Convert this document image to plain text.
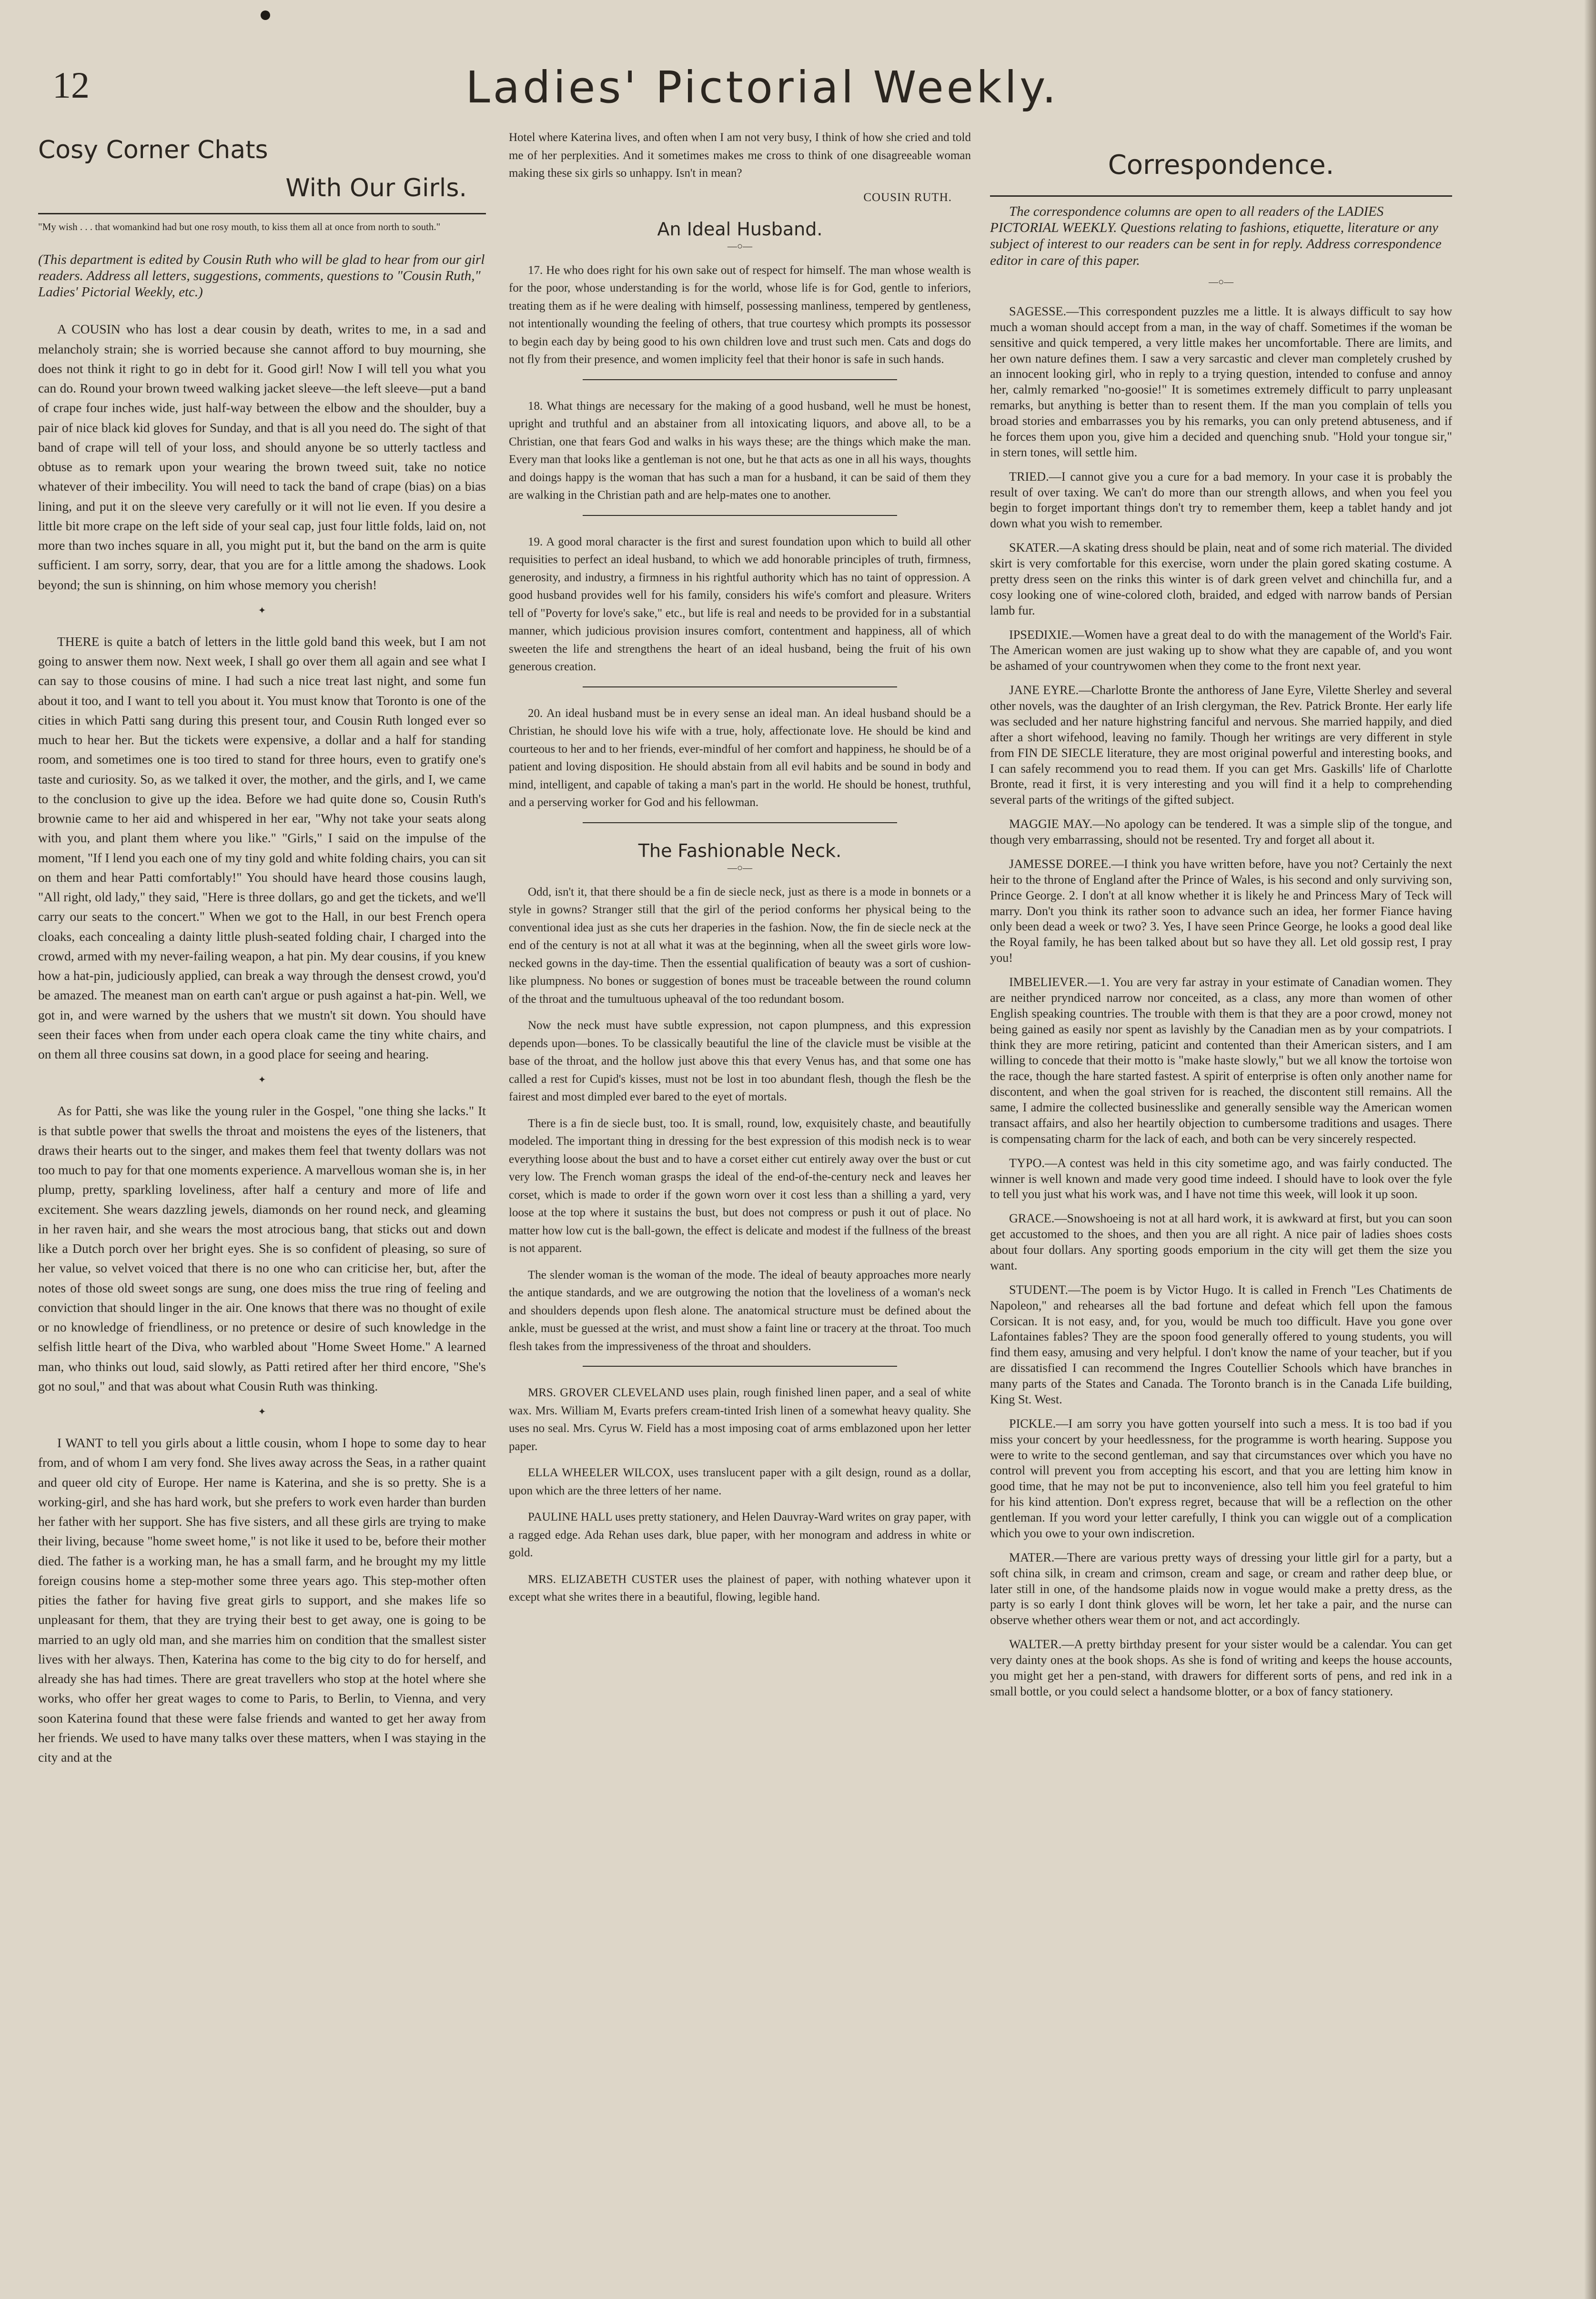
12	Ladies' Pictorial Weekly.
Cosy Corner Chats
With Our Girls.
"My wish . . . that womankind had but one rosy mouth, to kiss them all at once from north to south."
(This department is edited by Cousin Ruth who will be glad to hear from our girl readers. Address all letters, suggestions, comments, questions to "Cousin Ruth," Ladies' Pictorial Weekly, etc.)

A COUSIN who has lost a dear cousin by death, writes to me, in a sad and melancholy strain; she is worried because she cannot afford to buy mourning, she does not think it right to go in debt for it. Good girl! Now I will tell you what you can do. Round your brown tweed walking jacket sleeve—the left sleeve—put a band of crape four inches wide, just half-way between the elbow and the shoulder, buy a pair of nice black kid gloves for Sunday, and that is all you need do. The sight of that band of crape will tell of your loss, and should anyone be so utterly tactless and obtuse as to remark upon your wearing the brown tweed suit, take no notice whatever of their imbecility. You will need to tack the band of crape (bias) on a bias lining, and put it on the sleeve very carefully or it will not lie even. If you desire a little bit more crape on the left side of your seal cap, just four little folds, laid on, not more than two inches square in all, you might put it, but the band on the arm is quite sufficient. I am sorry, sorry, dear, that you are for a little among the shadows. Look beyond; the sun is shinning, on him whose memory you cherish!

✦

THERE is quite a batch of letters in the little gold band this week, but I am not going to answer them now. Next week, I shall go over them all again and see what I can say to those cousins of mine. I had such a nice treat last night, and some fun about it too, and I want to tell you about it. You must know that Toronto is one of the cities in which Patti sang during this present tour, and Cousin Ruth longed ever so much to hear her. But the tickets were expensive, a dollar and a half for standing room, and sometimes one is too tired to stand for three hours, even to gratify one's taste and curiosity. So, as we talked it over, the mother, and the girls, and I, we came to the conclusion to give up the idea. Before we had quite done so, Cousin Ruth's brownie came to her aid and whispered in her ear, "Why not take your seats along with you, and plant them where you like." "Girls," I said on the impulse of the moment, "If I lend you each one of my tiny gold and white folding chairs, you can sit on them and hear Patti comfortably!" You should have heard those cousins laugh, "All right, old lady," they said, "Here is three dollars, go and get the tickets, and we'll carry our seats to the concert." When we got to the Hall, in our best French opera cloaks, each concealing a dainty little plush-seated folding chair, I charged into the crowd, armed with my never-failing weapon, a hat pin. My dear cousins, if you knew how a hat-pin, judiciously applied, can break a way through the densest crowd, you'd be amazed. The meanest man on earth can't argue or push against a hat-pin. Well, we got in, and were warned by the ushers that we mustn't sit down. You should have seen their faces when from under each opera cloak came the tiny white chairs, and on them all three cousins sat down, in a good place for seeing and hearing.

✦

As for Patti, she was like the young ruler in the Gospel, "one thing she lacks." It is that subtle power that swells the throat and moistens the eyes of the listeners, that draws their hearts out to the singer, and makes them feel that twenty dollars was not too much to pay for that one moments experience. A marvellous woman she is, in her plump, pretty, sparkling loveliness, after half a century and more of life and excitement. She wears dazzling jewels, diamonds on her round neck, and gleaming in her raven hair, and she wears the most atrocious bang, that sticks out and down like a Dutch porch over her bright eyes. She is so confident of pleasing, so sure of her value, so velvet voiced that there is no one who can criticise her, but, after the notes of those old sweet songs are sung, one does miss the true ring of feeling and conviction that should linger in the air. One knows that there was no thought of exile or no knowledge of friendliness, or no pretence or desire of such knowledge in the selfish little heart of the Diva, who warbled about "Home Sweet Home." A learned man, who thinks out loud, said slowly, as Patti retired after her third encore, "She's got no soul," and that was about what Cousin Ruth was thinking.

✦

I WANT to tell you girls about a little cousin, whom I hope to some day to hear from, and of whom I am very fond. She lives away across the Seas, in a rather quaint and queer old city of Europe. Her name is Katerina, and she is so pretty. She is a working-girl, and she has hard work, but she prefers to work even harder than burden her father with her support. She has five sisters, and all these girls are trying to make their living, because "home sweet home," is not like it used to be, before their mother died. The father is a working man, he has a small farm, and he brought my my little foreign cousins home a step-mother some three years ago. This step-mother often pities the father for having five great girls to support, and she makes life so unpleasant for them, that they are trying their best to get away, one is going to be married to an ugly old man, and she marries him on condition that the smallest sister lives with her always. Then, Katerina has come to the big city to do for herself, and already she has had times. There are great travellers who stop at the hotel where she works, who offer her great wages to come to Paris, to Berlin, to Vienna, and very soon Katerina found that these were false friends and wanted to get her away from her friends. We used to have many talks over these matters, when I was staying in the city and at the

Hotel where Katerina lives, and often when I am not very busy, I think of how she cried and told me of her perplexities. And it sometimes makes me cross to think of one disagreeable woman making these six girls so unhappy. Isn't in mean?

COUSIN RUTH.
An Ideal Husband.
—○—

17. He who does right for his own sake out of respect for himself. The man whose wealth is for the poor, whose understanding is for the world, whose life is for God, gentle to inferiors, treating them as if he were dealing with himself, possessing manliness, tempered by gentleness, not intentionally wounding the feeling of others, that true courtesy which prompts its possessor to begin each day by being good to his own children love and trust such men. Cats and dogs do not fly from their presence, and women implicity feel that their honor is safe in such hands.

18. What things are necessary for the making of a good husband, well he must be honest, upright and truthful and an abstainer from all intoxicating liquors, and above all, to be a Christian, one that fears God and walks in his ways these; are the things which make the man. Every man that looks like a gentleman is not one, but he that acts as one in all his ways, thoughts and doings happy is the woman that has such a man for a husband, it can be said of them they are walking in the Christian path and are help-mates one to another.

19. A good moral character is the first and surest foundation upon which to build all other requisities to perfect an ideal husband, to which we add honorable principles of truth, firmness, generosity, and industry, a firmness in his rightful authority which has no taint of oppression. A good husband provides well for his family, considers his wife's comfort and pleasure. Writers tell of "Poverty for love's sake," etc., but life is real and needs to be provided for in a substantial manner, which judicious provision insures comfort, contentment and happiness, all of which sweeten the life and strengthens the heart of an ideal husband, being the fruit of his own generous creation.

20. An ideal husband must be in every sense an ideal man. An ideal husband should be a Christian, he should love his wife with a true, holy, affectionate love. He should be kind and courteous to her and to her friends, ever-mindful of her comfort and happiness, he should be of a patient and loving disposition. He should abstain from all evil habits and be sound in body and mind, intelligent, and capable of taking a man's part in the world. He should be honest, truthful, and a perserving worker for God and his fellowman.

The Fashionable Neck.
—○—

Odd, isn't it, that there should be a fin de siecle neck, just as there is a mode in bonnets or a style in gowns? Stranger still that the girl of the period conforms her physical being to the conventional idea just as she cuts her draperies in the fashion. Now, the fin de siecle neck at the end of the century is not at all what it was at the beginning, when all the sweet girls wore low-necked gowns in the day-time. Then the essential qualification of beauty was a sort of cushion-like plumpness. No bones or suggestion of bones must be traceable between the round column of the throat and the tumultuous upheaval of the too redundant bosom.

Now the neck must have subtle expression, not capon plumpness, and this expression depends upon—bones. To be classically beautiful the line of the clavicle must be visible at the base of the throat, and the hollow just above this that every Venus has, and that some one has called a rest for Cupid's kisses, must not be lost in too abundant flesh, though the flesh be the fairest and most dimpled ever bared to the eyet of mortals.

There is a fin de siecle bust, too. It is small, round, low, exquisitely chaste, and beautifully modeled. The important thing in dressing for the best expression of this modish neck is to wear everything loose about the bust and to have a corset either cut entirely away over the bust or cut very low. The French woman grasps the ideal of the end-of-the-century neck and leaves her corset, which is made to order if the gown worn over it cost less than a shilling a yard, very loose at the top where it sustains the bust, but does not compress or push it out of place. No matter how low cut is the ball-gown, the effect is delicate and modest if the fullness of the breast is not apparent.

The slender woman is the woman of the mode. The ideal of beauty approaches more nearly the antique standards, and we are outgrowing the notion that the loveliness of a woman's neck and shoulders depends upon flesh alone. The anatomical structure must be defined about the ankle, must be guessed at the wrist, and must show a faint line or tracery at the throat. Too much flesh takes from the impressiveness of the throat and shoulders.

MRS. GROVER CLEVELAND uses plain, rough finished linen paper, and a seal of white wax. Mrs. William M, Evarts prefers cream-tinted Irish linen of a somewhat heavy quality. She uses no seal. Mrs. Cyrus W. Field has a most imposing coat of arms emblazoned upon her letter paper.

ELLA WHEELER WILCOX, uses translucent paper with a gilt design, round as a dollar, upon which are the three letters of her name.

PAULINE HALL uses pretty stationery, and Helen Dauvray-Ward writes on gray paper, with a ragged edge. Ada Rehan uses dark, blue paper, with her monogram and address in white or gold.

MRS. ELIZABETH CUSTER uses the plainest of paper, with nothing whatever upon it except what she writes there in a beautiful, flowing, legible hand.

Correspondence.
The correspondence columns are open to all readers of the LADIES PICTORIAL WEEKLY. Questions relating to fashions, etiquette, literature or any subject of interest to our readers can be sent in for reply. Address correspondence editor in care of this paper.
—○—

SAGESSE.—This correspondent puzzles me a little. It is always difficult to say how much a woman should accept from a man, in the way of chaff. Sometimes if the woman be sensitive and quick tempered, a very little makes her uncomfortable. There are limits, and her own nature defines them. I saw a very sarcastic and clever man completely crushed by an innocent looking girl, who in reply to a trying question, intended to confuse and annoy her, calmly remarked "no-goosie!" It is sometimes extremely difficult to parry unpleasant remarks, but anything is better than to resent them. If the man you complain of tells you broad stories and embarrasses you by his remarks, you can only pretend abtuseness, and if he forces them upon you, give him a decided and quenching snub. "Hold your tongue sir," in stern tones, will settle him.

TRIED.—I cannot give you a cure for a bad memory. In your case it is probably the result of over taxing. We can't do more than our strength allows, and when you feel you begin to forget important things don't try to remember them, keep a tablet handy and jot down what you wish to remember.

SKATER.—A skating dress should be plain, neat and of some rich material. The divided skirt is very comfortable for this exercise, worn under the plain gored skating costume. A pretty dress seen on the rinks this winter is of dark green velvet and chinchilla fur, and a cosy looking one of wine-colored cloth, braided, and edged with narrow bands of Persian lamb fur.

IPSEDIXIE.—Women have a great deal to do with the management of the World's Fair. The American women are just waking up to show what they are capable of, and you wont be ashamed of your countrywomen when they come to the front next year.

JANE EYRE.—Charlotte Bronte the anthoress of Jane Eyre, Vilette Sherley and several other novels, was the daughter of an Irish clergyman, the Rev. Patrick Bronte. Her early life was secluded and her nature highstring fanciful and nervous. She married happily, and died after a short wifehood, leaving no family. Though her writings are very different in style from FIN DE SIECLE literature, they are most original powerful and interesting books, and I can safely recommend you to read them. If you can get Mrs. Gaskills' life of Charlotte Bronte, read it first, it is very interesting and you will find it a help to comprehending several parts of the writings of the gifted subject.

MAGGIE MAY.—No apology can be tendered. It was a simple slip of the tongue, and though very embarrassing, should not be resented. Try and forget all about it.

JAMESSE DOREE.—I think you have written before, have you not? Certainly the next heir to the throne of England after the Prince of Wales, is his second and only surviving son, Prince George. 2. I don't at all know whether it is likely he and Princess Mary of Teck will marry. Don't you think its rather soon to advance such an idea, her former Fiance having only been dead a week or two? 3. Yes, I have seen Prince George, he looks a good deal like the Royal family, he has been talked about but so have they all. Let old gossip rest, I pray you!

IMBELIEVER.—1. You are very far astray in your estimate of Canadian women. They are neither pryndiced narrow nor conceited, as a class, any more than women of other English speaking countries. The trouble with them is that they are a poor crowd, money not being gained as easily nor spent as lavishly by the Canadian men as by your compatriots. I think they are more retiring, paticint and contented than their American sisters, and I am willing to concede that their motto is "make haste slowly," but we all know the tortoise won the race, though the hare started fastest. A spirit of enterprise is often only another name for discontent, and when the goal striven for is reached, the discontent still remains. All the same, I admire the collected businesslike and generally sensible way the American women transact affairs, and also her heartily objection to cumbersome traditions and usages. There is compensating charm for the lack of each, and both can be very sincerely respected.

TYPO.—A contest was held in this city sometime ago, and was fairly conducted. The winner is well known and made very good time indeed. I should have to look over the fyle to tell you just what his work was, and I have not time this week, will look it up soon.

GRACE.—Snowshoeing is not at all hard work, it is awkward at first, but you can soon get accustomed to the shoes, and then you are all right. A nice pair of ladies shoes costs about four dollars. Any sporting goods emporium in the city will get them the size you want.

STUDENT.—The poem is by Victor Hugo. It is called in French "Les Chatiments de Napoleon," and rehearses all the bad fortune and defeat which fell upon the famous Corsican. It is not easy, and, for you, would be much too difficult. Have you gone over Lafontaines fables? They are the spoon food generally offered to young students, you will find them easy, amusing and very helpful. I don't know the name of your teacher, but if you are dissatisfied I can recommend the Ingres Coutellier Schools which have branches in many parts of the States and Canada. The Toronto branch is in the Canada Life building, King St. West.

PICKLE.—I am sorry you have gotten yourself into such a mess. It is too bad if you miss your concert by your heedlessness, for the programme is worth hearing. Suppose you were to write to the second gentleman, and say that circumstances over which you have no control will prevent you from accepting his escort, and that you are letting him know in good time, that he may not be put to inconvenience, also tell him you feel grateful to him for his kind attention. Don't express regret, because that will be a reflection on the other gentleman. If you word your letter carefully, I think you can wiggle out of a complication which you owe to your own indiscretion.

MATER.—There are various pretty ways of dressing your little girl for a party, but a soft china silk, in cream and crimson, cream and sage, or cream and rather deep blue, or later still in one, of the handsome plaids now in vogue would make a pretty dress, as the party is so early I dont think gloves will be worn, let her take a pair, and the nurse can observe whether others wear them or not, and act accordingly.

WALTER.—A pretty birthday present for your sister would be a calendar. You can get very dainty ones at the book shops. As she is fond of writing and keeps the house accounts, you might get her a pen-stand, with drawers for different sorts of pens, and red ink in a small bottle, or you could select a handsome blotter, or a box of fancy stationery.
